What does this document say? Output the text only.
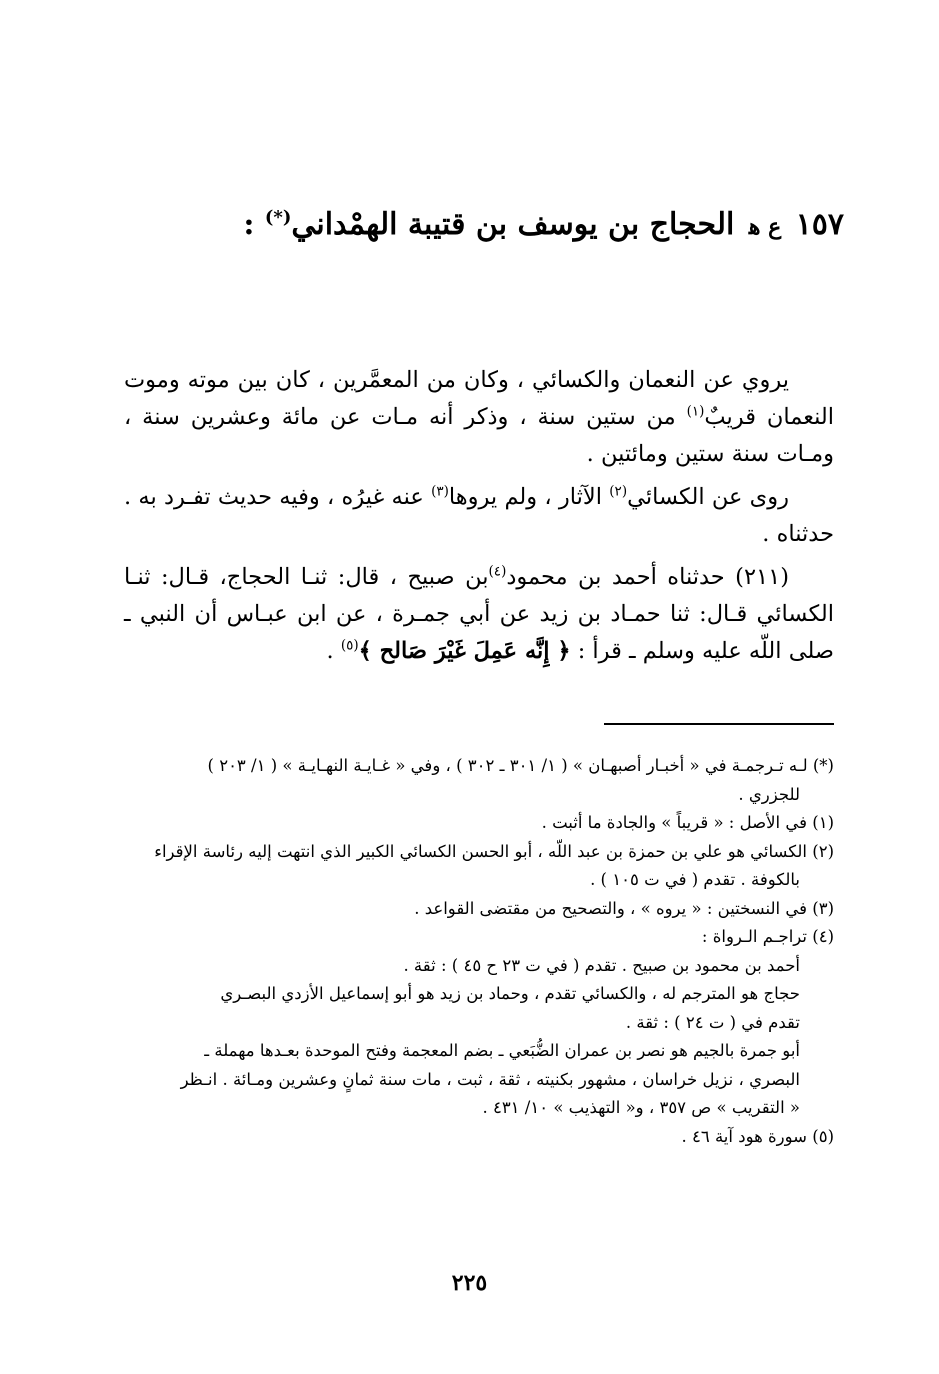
١٥٧ ع ﻫ الحجاج بن يوسف بن قتيبة الهمْداني(*) :

يروي عن النعمان والكسائي ، وكان من المعمَّرين ، كان بين موته وموت النعمان قريبٌ$^{(١)}$ من ستين سنة ، وذكر أنه مـات عن مائة وعشرين سنة ، ومـات سنة ستين ومائتين .

روى عن الكسائي$^{(٢)}$ الآثار ، ولم يروها$^{(٣)}$ عنه غيرُه ، وفيه حديث تفـرد به . حدثناه .

(٢١١) حدثناه أحمد بن محمود$^{(٤)}$بن صبيح ، قال: ثنـا الحجاج، قـال: ثنـا الكسائي قـال: ثنا حمـاد بن زيد عن أبي جمـرة ، عن ابن عبـاس أن النبي ـ صلى اللّه عليه وسلم ـ قرأ : ﴿ إِنَّه عَمِلَ غَيْرَ صَالح ﴾$^{(٥)}$ .

(*) لـه تـرجمـة في « أخبـار أصبهـان » ( ١/ ٣٠١ ـ ٣٠٢ ) ، وفي « غـايـة النهـايـة » ( ١/ ٢٠٣ )

للجزري .

(١) في الأصل : « قريباً » والجادة ما أثبت .

(٢) الكسائي هو علي بن حمزة بن عبد اللّه ، أبو الحسن الكسائي الكبير الذي انتهت إليه رئاسة الإقراء

بالكوفة . تقدم ( في ت ١٠٥ ) .

(٣) في النسختين : « يروه » ، والتصحيح من مقتضى القواعد .

(٤) تراجـم الـرواة :

أحمد بن محمود بن صبيح . تقدم ( في ت ٢٣ ح ٤٥ ) : ثقة .

حجاج هو المترجم له ، والكسائي تقدم ، وحماد بن زيد هو أبو إسماعيل الأزدي البصـري

تقدم في ( ت ٢٤ ) : ثقة .

أبو جمرة بالجيم هو نصر بن عمران الضُّبَعي ـ بضم المعجمة وفتح الموحدة بعـدها مهملة ـ

البصري ، نزيل خراسان ، مشهور بكنيته ، ثقة ، ثبت ، مات سنة ثمانٍ وعشرين ومـائة . انـظر

« التقريب » ص ٣٥٧ ، و« التهذيب » ١٠/ ٤٣١ .

(٥) سورة هود آية ٤٦ .

٢٢٥
